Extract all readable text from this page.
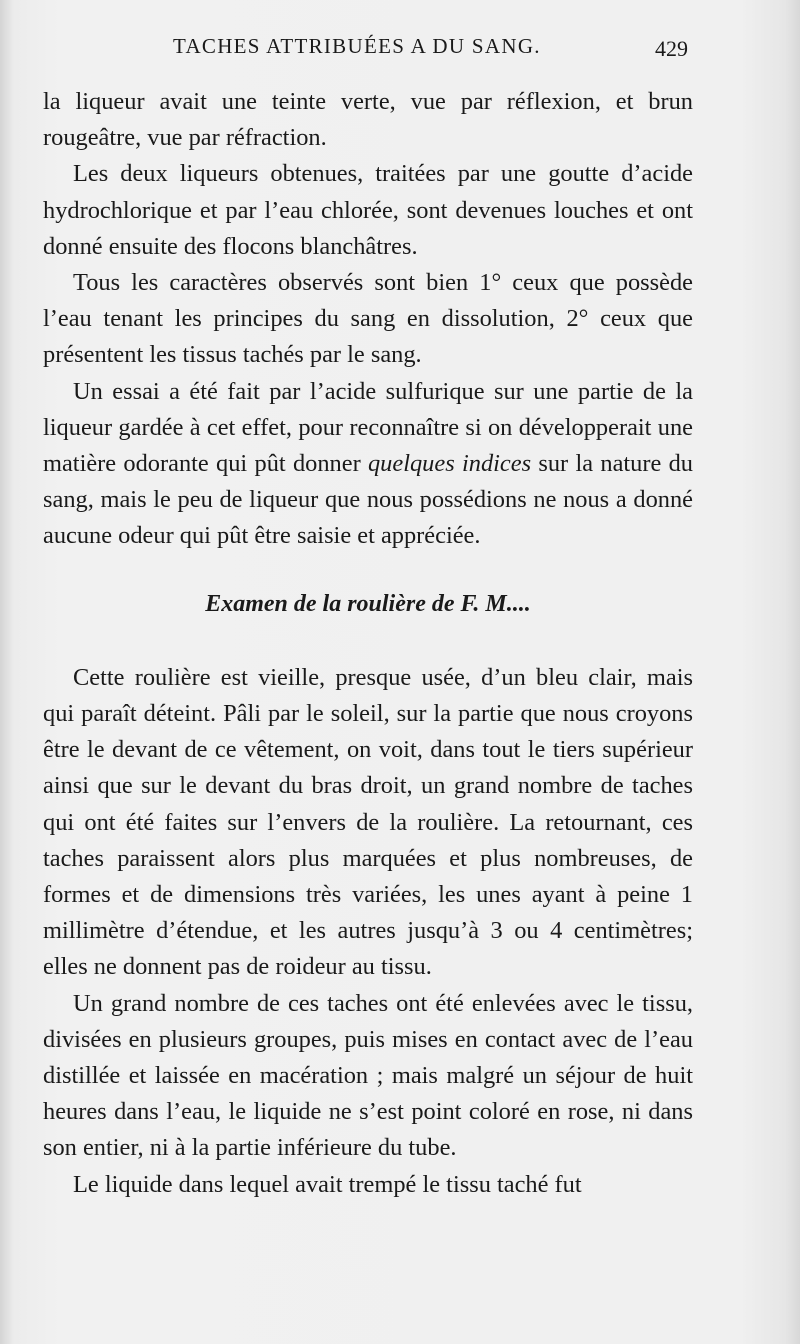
TACHES ATTRIBUÉES A DU SANG.	429

la liqueur avait une teinte verte, vue par réflexion, et brun rougeâtre, vue par réfraction.

Les deux liqueurs obtenues, traitées par une goutte d’acide hydrochlorique et par l’eau chlorée, sont devenues louches et ont donné ensuite des flocons blanchâtres.

Tous les caractères observés sont bien 1° ceux que possède l’eau tenant les principes du sang en dissolution, 2° ceux que présentent les tissus tachés par le sang.

Un essai a été fait par l’acide sulfurique sur une partie de la liqueur gardée à cet effet, pour reconnaître si on développerait une matière odorante qui pût donner quelques indices sur la nature du sang, mais le peu de liqueur que nous possédions ne nous a donné aucune odeur qui pût être saisie et appréciée.

Examen de la roulière de F. M....

Cette roulière est vieille, presque usée, d’un bleu clair, mais qui paraît déteint. Pâli par le soleil, sur la partie que nous croyons être le devant de ce vêtement, on voit, dans tout le tiers supérieur ainsi que sur le devant du bras droit, un grand nombre de taches qui ont été faites sur l’envers de la roulière. La retournant, ces taches paraissent alors plus marquées et plus nombreuses, de formes et de dimensions très variées, les unes ayant à peine 1 millimètre d’étendue, et les autres jusqu’à 3 ou 4 centimètres; elles ne donnent pas de roideur au tissu.

Un grand nombre de ces taches ont été enlevées avec le tissu, divisées en plusieurs groupes, puis mises en contact avec de l’eau distillée et laissée en macération ; mais malgré un séjour de huit heures dans l’eau, le liquide ne s’est point coloré en rose, ni dans son entier, ni à la partie inférieure du tube.

Le liquide dans lequel avait trempé le tissu taché fut
